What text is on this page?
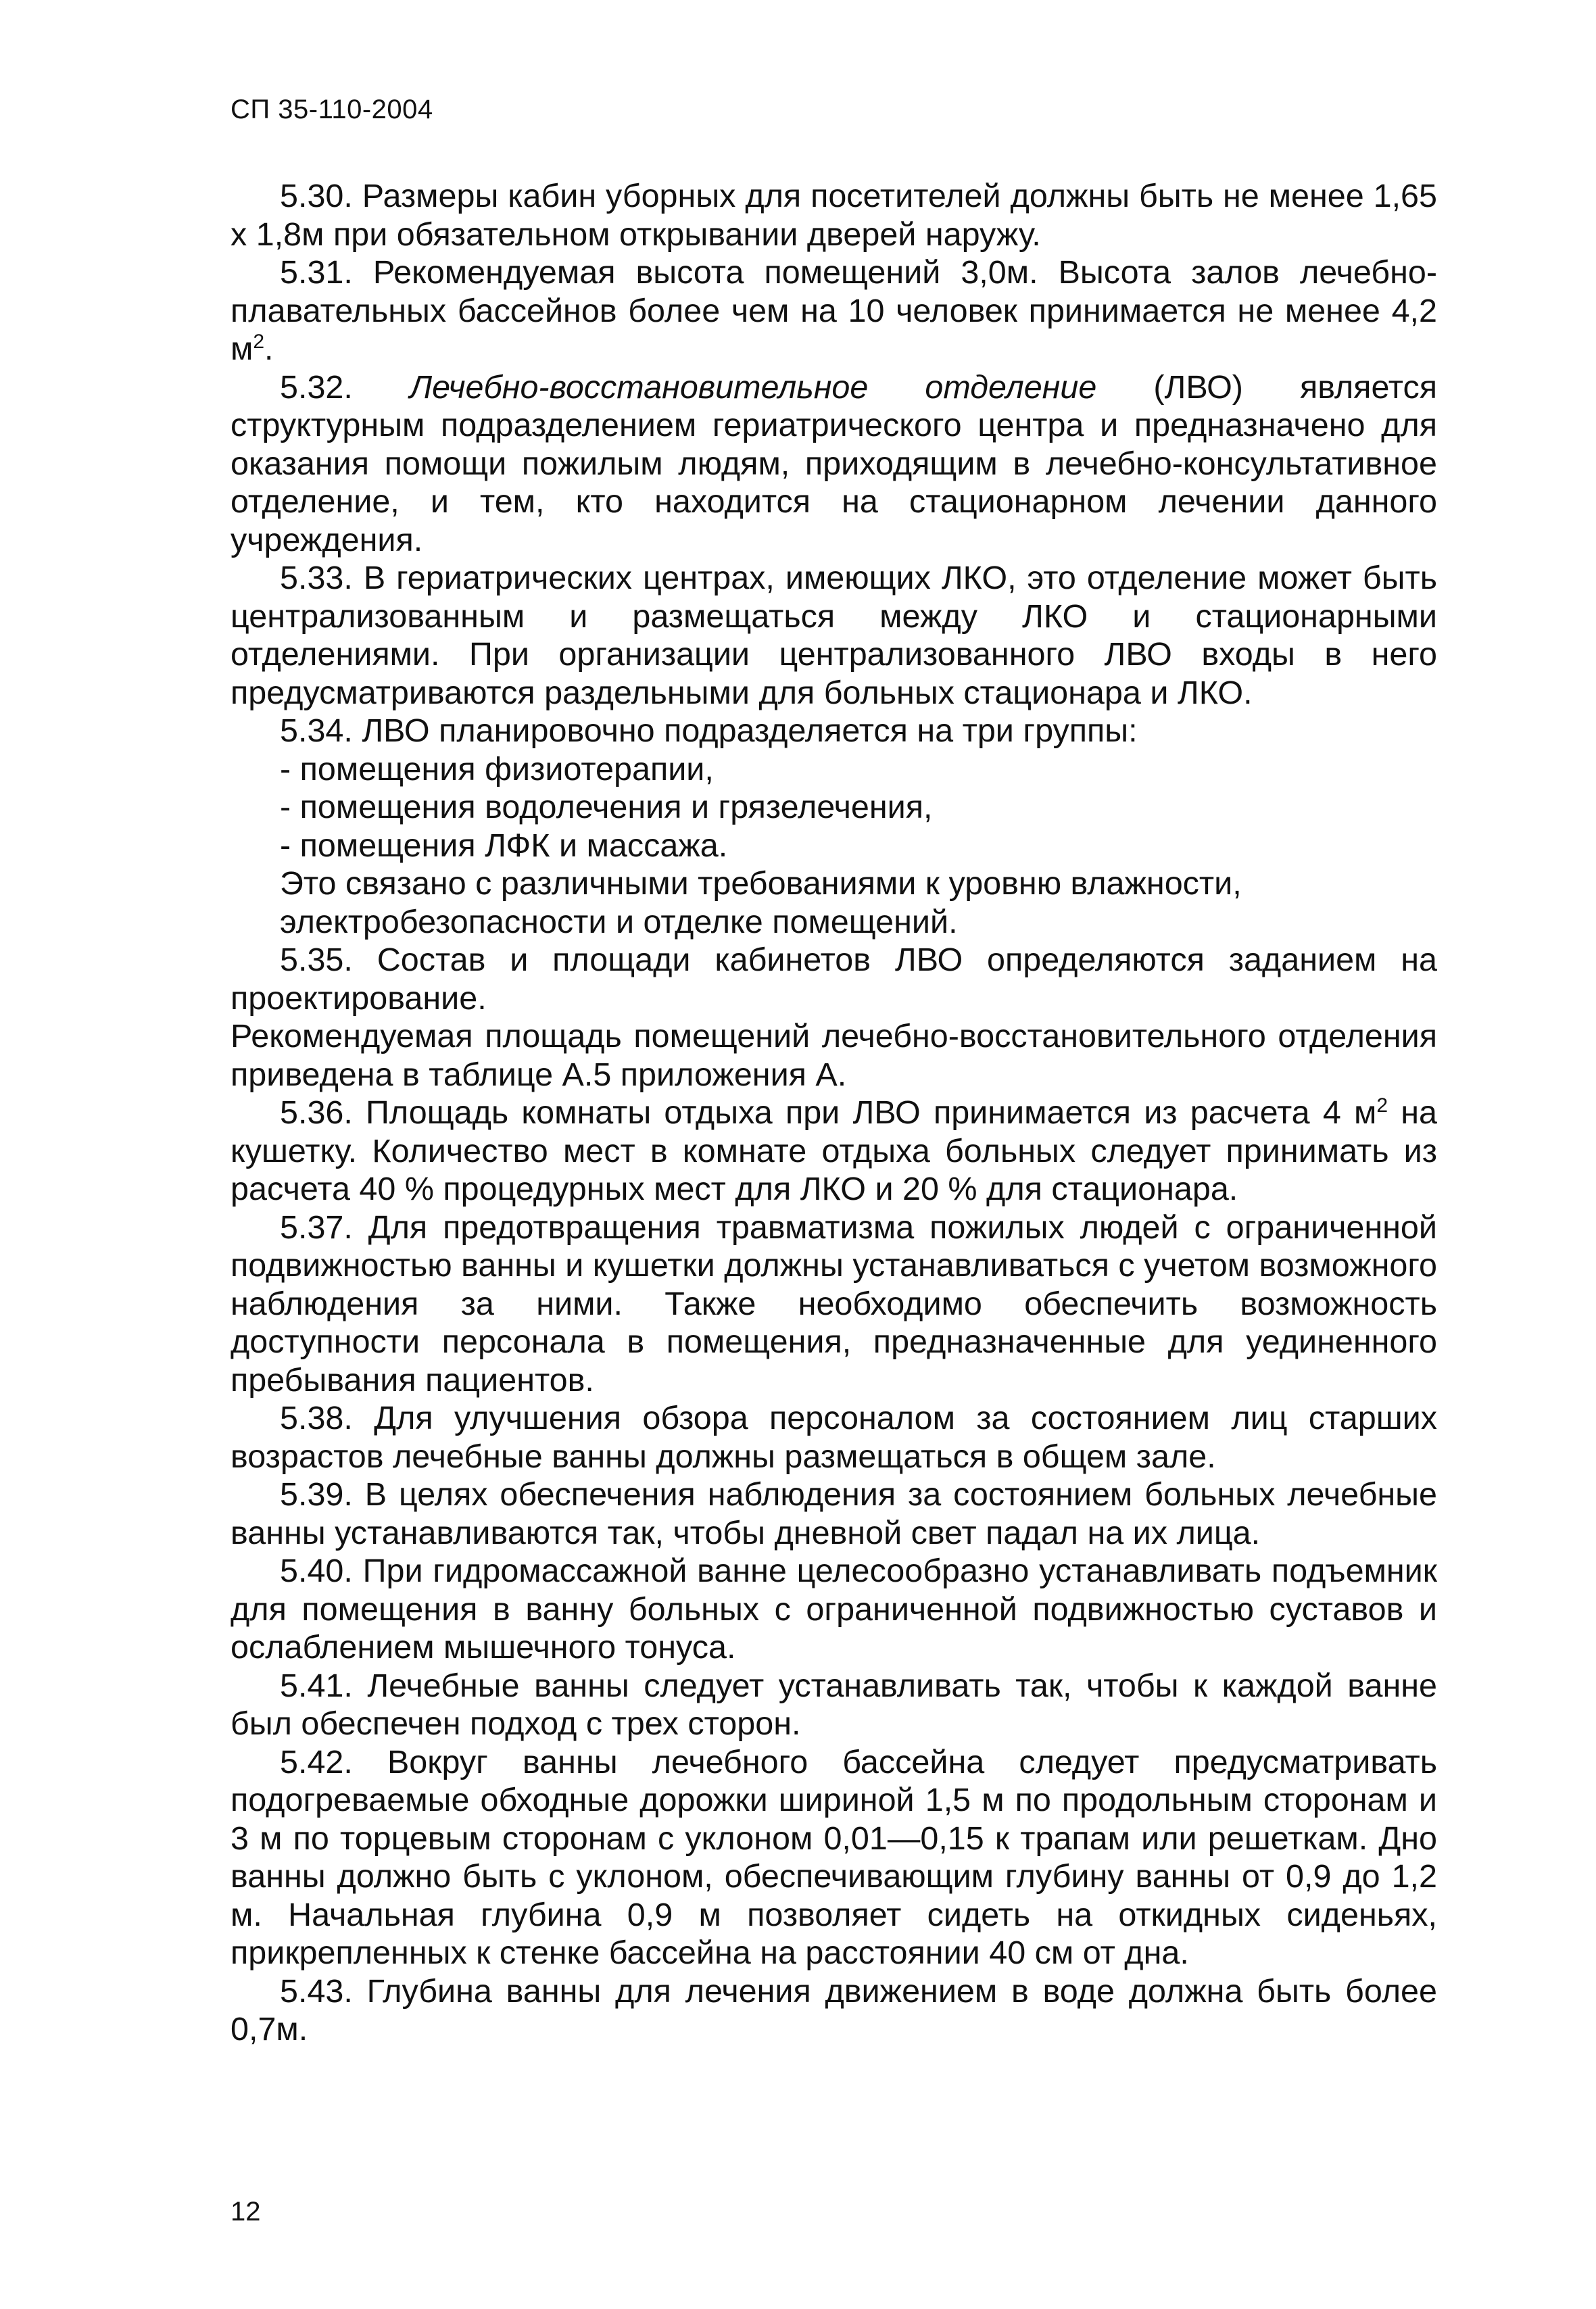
СП 35-110-2004

5.30. Размеры кабин уборных для посетителей должны быть не менее 1,65 х 1,8м при обязательном открывании дверей наружу.

5.31. Рекомендуемая высота помещений 3,0м. Высота залов лечебно-плавательных бассейнов более чем на 10 человек принимается не менее 4,2 $м^2$.

5.32. Лечебно-восстановительное отделение (ЛВО) является структурным подразделением гериатрического центра и предназначено для оказания помощи пожилым людям, приходящим в лечебно-консультативное отделение, и тем, кто находится на стационарном лечении данного учреждения.

5.33. В гериатрических центрах, имеющих ЛКО, это отделение может быть централизованным и размещаться между ЛКО и стационарными отделениями. При организации централизованного ЛВО входы в него предусматриваются раздельными для больных стационара и ЛКО.

5.34. ЛВО планировочно подразделяется на три группы:

- помещения физиотерапии,

- помещения водолечения и грязелечения,

- помещения ЛФК и массажа.

Это связано с различными требованиями к уровню влажности,

электробезопасности и отделке помещений.

5.35. Состав и площади кабинетов ЛВО определяются заданием на проектирование.

Рекомендуемая площадь помещений лечебно-восстановительного отделения приведена в таблице А.5 приложения А.

5.36. Площадь комнаты отдыха при ЛВО принимается из расчета 4 $м^2$ на кушетку. Количество мест в комнате отдыха больных следует принимать из расчета 40 % процедурных мест для ЛКО и 20 % для стационара.

5.37. Для предотвращения травматизма пожилых людей с ограниченной подвижностью ванны и кушетки должны устанавливаться с учетом возможного наблюдения за ними. Также необходимо обеспечить возможность доступности персонала в помещения, предназначенные для уединенного пребывания пациентов.

5.38. Для улучшения обзора персоналом за состоянием лиц старших возрастов лечебные ванны должны размещаться в общем зале.

5.39. В целях обеспечения наблюдения за состоянием больных лечебные ванны устанавливаются так, чтобы дневной свет падал на их лица.

5.40. При гидромассажной ванне целесообразно устанавливать подъемник для помещения в ванну больных с ограниченной подвижностью суставов и ослаблением мышечного тонуса.

5.41. Лечебные ванны следует устанавливать так, чтобы к каждой ванне был обеспечен подход с трех сторон.

5.42. Вокруг ванны лечебного бассейна следует предусматривать подогреваемые обходные дорожки шириной 1,5 м по продольным сторонам и 3 м по торцевым сторонам с уклоном 0,01—0,15 к трапам или решеткам. Дно ванны должно быть с уклоном, обеспечивающим глубину ванны от 0,9 до 1,2 м. Начальная глубина 0,9 м позволяет сидеть на откидных сиденьях, прикрепленных к стенке бассейна на расстоянии 40 см от дна.

5.43. Глубина ванны для лечения движением в воде должна быть более 0,7м.

12
